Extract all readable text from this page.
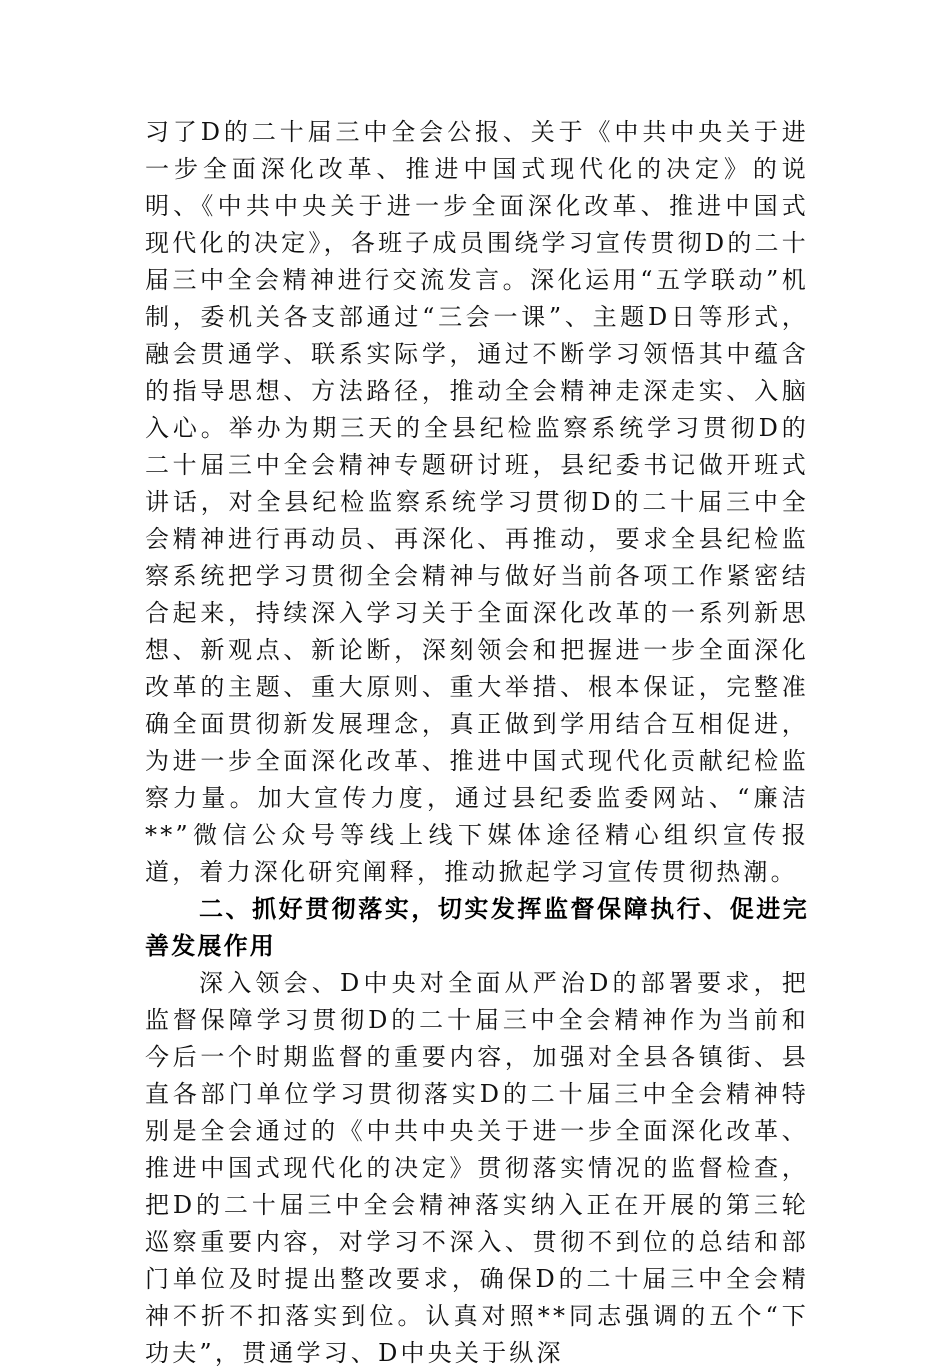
习了D的二十届三中全会公报、关于《中共中央关于进一步全面深化改革、推进中国式现代化的决定》的说明、《中共中央关于进一步全面深化改革、推进中国式现代化的决定》，各班子成员围绕学习宣传贯彻D的二十届三中全会精神进行交流发言。深化运用“五学联动”机制，委机关各支部通过“三会一课”、主题D日等形式，融会贯通学、联系实际学，通过不断学习领悟其中蕴含的指导思想、方法路径，推动全会精神走深走实、入脑入心。举办为期三天的全县纪检监察系统学习贯彻D的二十届三中全会精神专题研讨班，县纪委书记做开班式讲话，对全县纪检监察系统学习贯彻D的二十届三中全会精神进行再动员、再深化、再推动，要求全县纪检监察系统把学习贯彻全会精神与做好当前各项工作紧密结合起来，持续深入学习关于全面深化改革的一系列新思想、新观点、新论断，深刻领会和把握进一步全面深化改革的主题、重大原则、重大举措、根本保证，完整准确全面贯彻新发展理念，真正做到学用结合互相促进，为进一步全面深化改革、推进中国式现代化贡献纪检监察力量。加大宣传力度，通过县纪委监委网站、“廉洁**”微信公众号等线上线下媒体途径精心组织宣传报道，着力深化研究阐释，推动掀起学习宣传贯彻热潮。

二、抓好贯彻落实，切实发挥监督保障执行、促进完善发展作用

深入领会、D中央对全面从严治D的部署要求，把监督保障学习贯彻D的二十届三中全会精神作为当前和今后一个时期监督的重要内容，加强对全县各镇街、县直各部门单位学习贯彻落实D的二十届三中全会精神特别是全会通过的《中共中央关于进一步全面深化改革、推进中国式现代化的决定》贯彻落实情况的监督检查，把D的二十届三中全会精神落实纳入正在开展的第三轮巡察重要内容，对学习不深入、贯彻不到位的总结和部门单位及时提出整改要求，确保D的二十届三中全会精神不折不扣落实到位。认真对照**同志强调的五个“下功夫”，贯通学习、D中央关于纵深
